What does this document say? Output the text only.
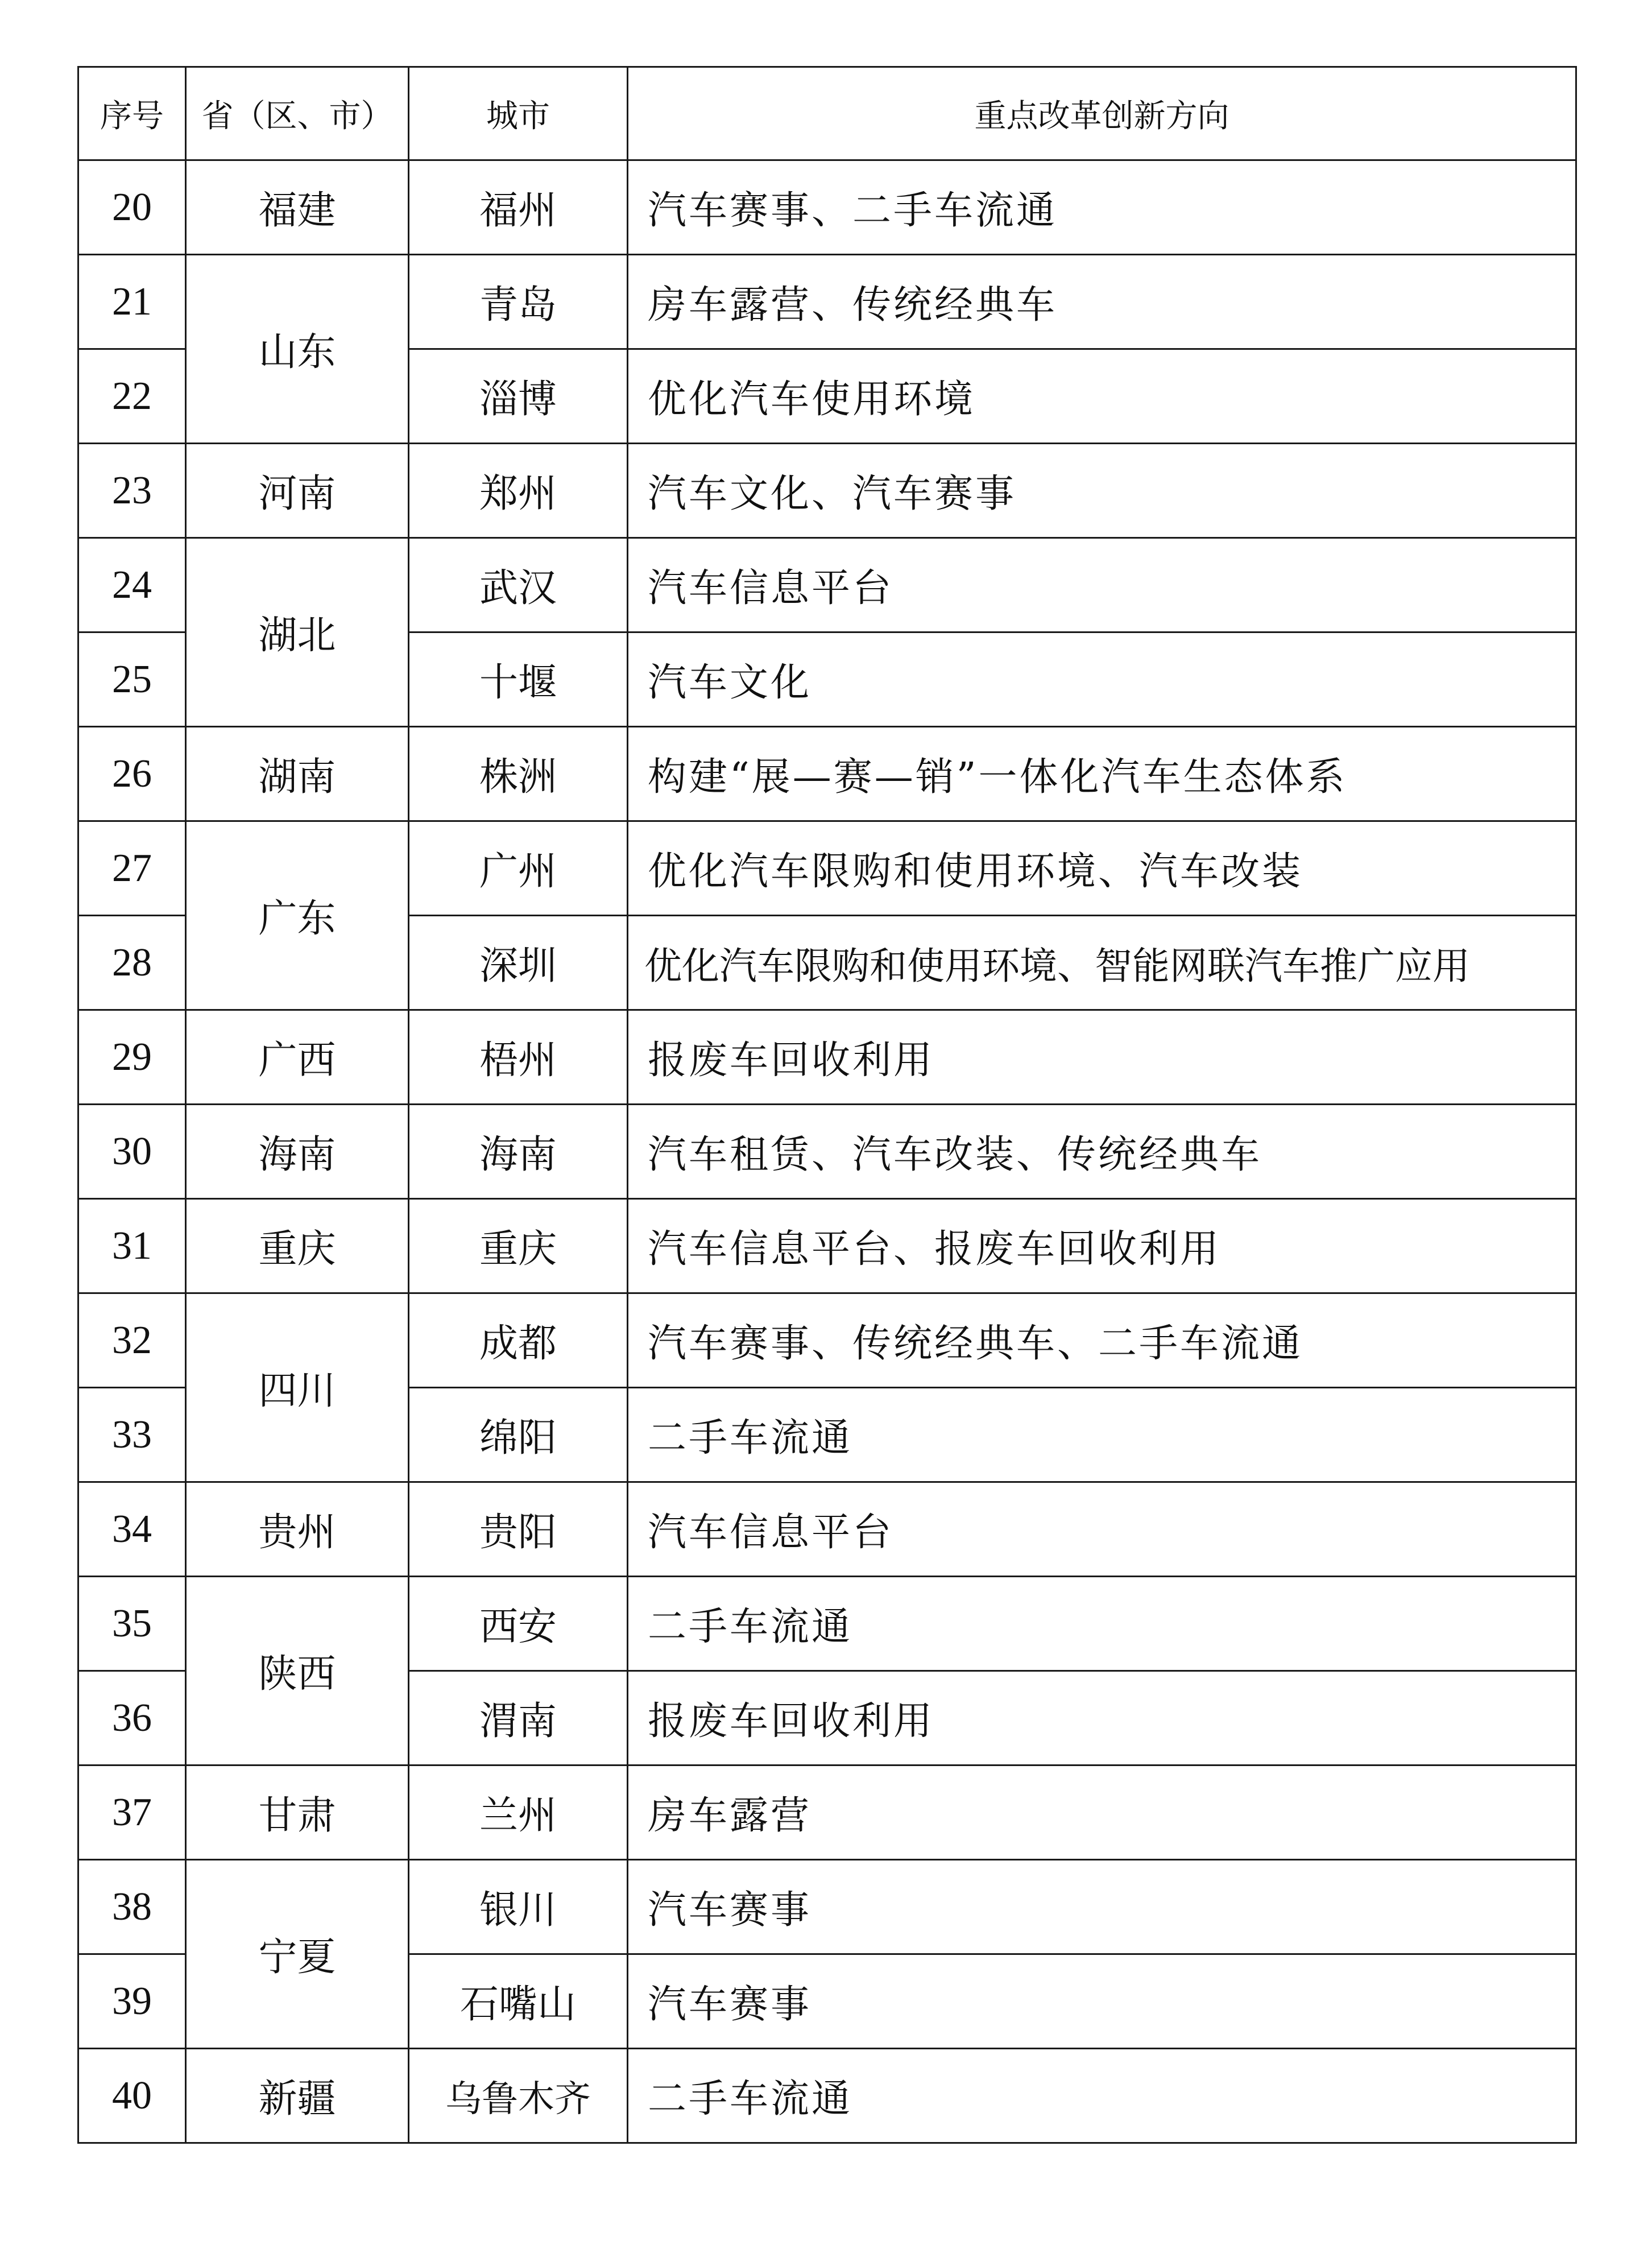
序号	省（区、市）	城市	重点改革创新方向
20	福建	福州	汽车赛事、二手车流通
21	山东	青岛	房车露营、传统经典车
22		淄博	优化汽车使用环境
23	河南	郑州	汽车文化、汽车赛事
24	湖北	武汉	汽车信息平台
25		十堰	汽车文化
26	湖南	株洲	构建“展—赛—销”一体化汽车生态体系
27	广东	广州	优化汽车限购和使用环境、汽车改装
28		深圳	优化汽车限购和使用环境、智能网联汽车推广应用
29	广西	梧州	报废车回收利用
30	海南	海南	汽车租赁、汽车改装、传统经典车
31	重庆	重庆	汽车信息平台、报废车回收利用
32	四川	成都	汽车赛事、传统经典车、二手车流通
33		绵阳	二手车流通
34	贵州	贵阳	汽车信息平台
35	陕西	西安	二手车流通
36		渭南	报废车回收利用
37	甘肃	兰州	房车露营
38	宁夏	银川	汽车赛事
39		石嘴山	汽车赛事
40	新疆	乌鲁木齐	二手车流通
